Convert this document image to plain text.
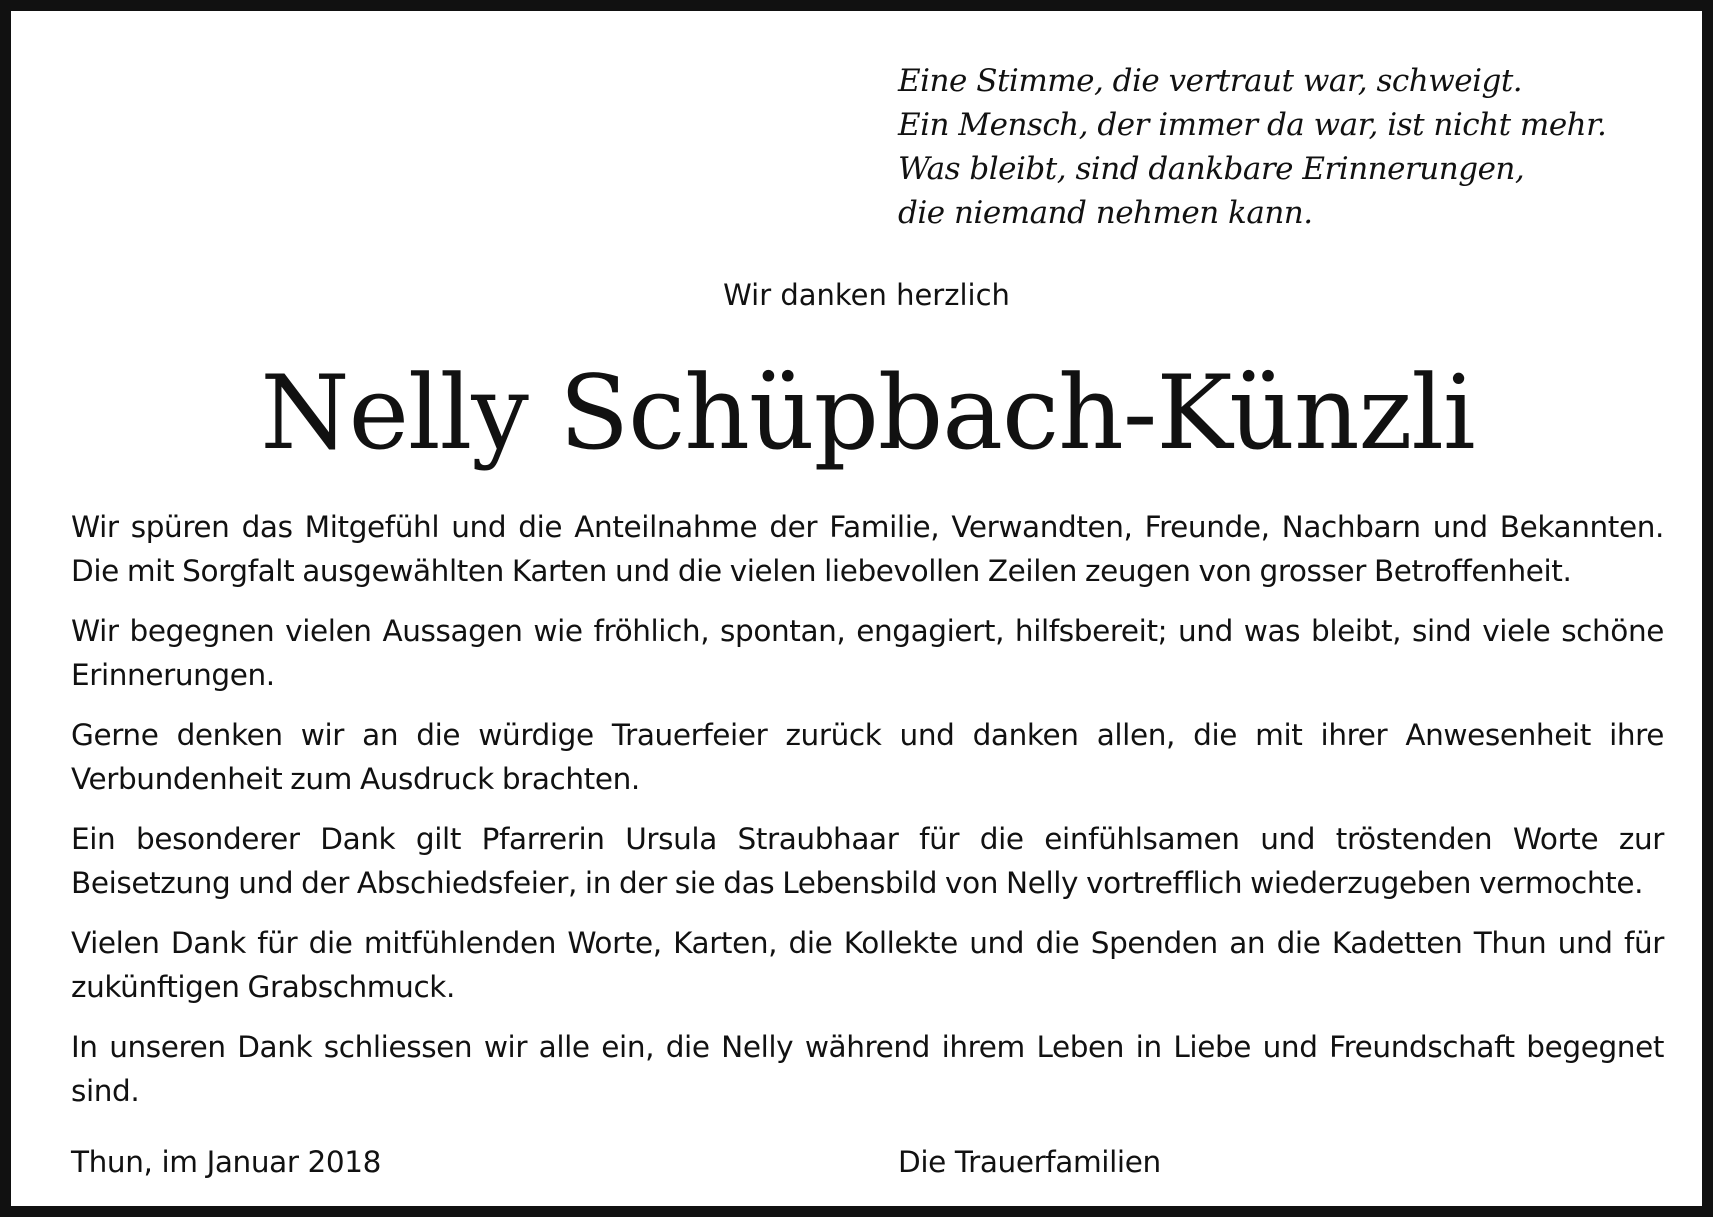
Eine Stimme, die vertraut war, schweigt.
Ein Mensch, der immer da war, ist nicht mehr.
Was bleibt, sind dankbare Erinnerungen,
die niemand nehmen kann.
Wir danken herzlich
Nelly Schüpbach-Künzli

Wir spüren das Mitgefühl und die Anteilnahme der Familie, Verwandten, Freunde, Nachbarn und Bekannten. Die mit Sorgfalt ausgewählten Karten und die vielen liebevollen Zeilen zeugen von grosser Betroffenheit.

Wir begegnen vielen Aussagen wie fröhlich, spontan, engagiert, hilfsbereit; und was bleibt, sind viele schöne Erinnerungen.

Gerne denken wir an die würdige Trauerfeier zurück und danken allen, die mit ihrer Anwesenheit ihre Verbundenheit zum Ausdruck brachten.

Ein besonderer Dank gilt Pfarrerin Ursula Straubhaar für die einfühlsamen und tröstenden Worte zur Beisetzung und der Abschiedsfeier, in der sie das Lebensbild von Nelly vortrefflich wiederzugeben vermochte.

Vielen Dank für die mitfühlenden Worte, Karten, die Kollekte und die Spenden an die Kadetten Thun und für zukünftigen Grabschmuck.

In unseren Dank schliessen wir alle ein, die Nelly während ihrem Leben in Liebe und Freundschaft begegnet sind.

Thun, im Januar 2018	Die Trauerfamilien
